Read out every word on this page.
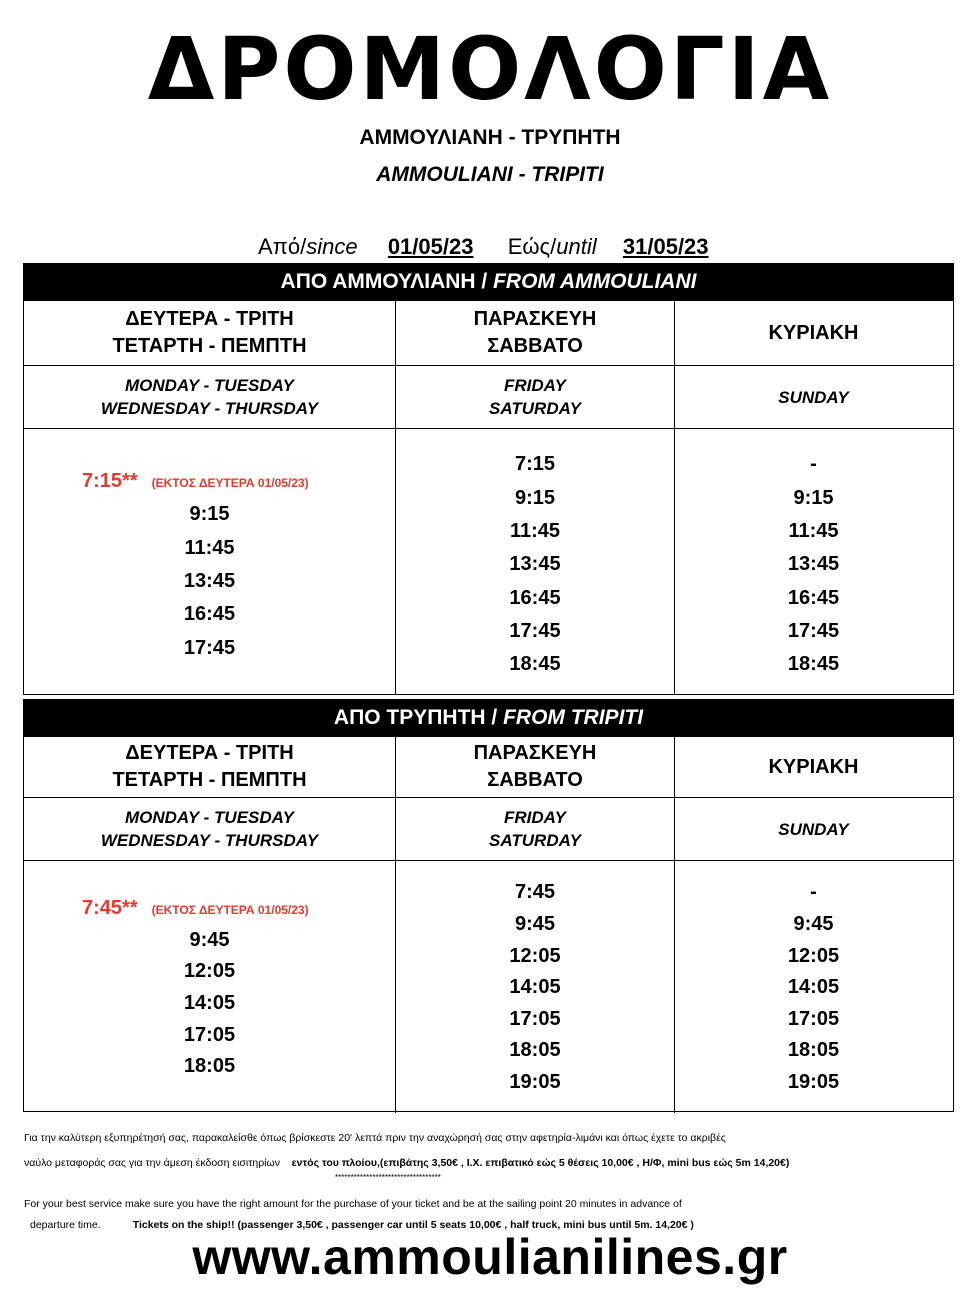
ΔΡΟΜΟΛΟΓΙΑ
ΑΜΜΟΥΛΙΑΝΗ - ΤΡΥΠΗΤΗ
AMMOULIANI - TRIPITI
Από/since 01/05/23 Εώς/until 31/05/23
ΑΠΟ ΑΜΜΟΥΛΙΑΝΗ / FROM AMMOULIANI
ΔΕΥΤΕΡΑ - ΤΡΙΤΗ
ΤΕΤΑΡΤΗ - ΠΕΜΠΤΗ
ΠΑΡΑΣΚΕΥΗ
ΣΑΒΒΑΤΟ
ΚΥΡΙΑΚΗ
MONDAY - TUESDAY
WEDNESDAY - THURSDAY
FRIDAY
SATURDAY
SUNDAY
7:15** (ΕΚΤΟΣ ΔΕΥΤΕΡΑ 01/05/23)
9:15
11:45
13:45
16:45
17:45
7:15
9:15
11:45
13:45
16:45
17:45
18:45
-
9:15
11:45
13:45
16:45
17:45
18:45
ΑΠΟ ΤΡΥΠΗΤΗ / FROM TRIPITI
ΔΕΥΤΕΡΑ - ΤΡΙΤΗ
ΤΕΤΑΡΤΗ - ΠΕΜΠΤΗ
ΠΑΡΑΣΚΕΥΗ
ΣΑΒΒΑΤΟ
ΚΥΡΙΑΚΗ
MONDAY - TUESDAY
WEDNESDAY - THURSDAY
FRIDAY
SATURDAY
SUNDAY
7:45** (ΕΚΤΟΣ ΔΕΥΤΕΡΑ 01/05/23)
9:45
12:05
14:05
17:05
18:05
7:45
9:45
12:05
14:05
17:05
18:05
19:05
-
9:45
12:05
14:05
17:05
18:05
19:05
Για την καλύτερη εξυπηρέτησή σας, παρακαλείσθε όπως βρίσκεστε 20' λεπτά πριν την αναχώρησή σας στην αφετηρία-λιμάνι και όπως έχετε το ακριβές
ναύλο μεταφοράς σας για την άμεση έκδοση εισιτηρίων εντός του πλοίου,(επιβάτης 3,50€ , Ι.Χ. επιβατικό εώς 5 θέσεις 10,00€ , Η/Φ, mini bus εώς 5m 14,20€)
**********************************
For your best service make sure you have the right amount for the purchase of your ticket and be at the sailing point 20 minutes in advance of
departure time.	Tickets on the ship!! (passenger 3,50€ , passenger car until 5 seats 10,00€ , half truck, mini bus until 5m. 14,20€ )
www.ammoulianilines.gr
